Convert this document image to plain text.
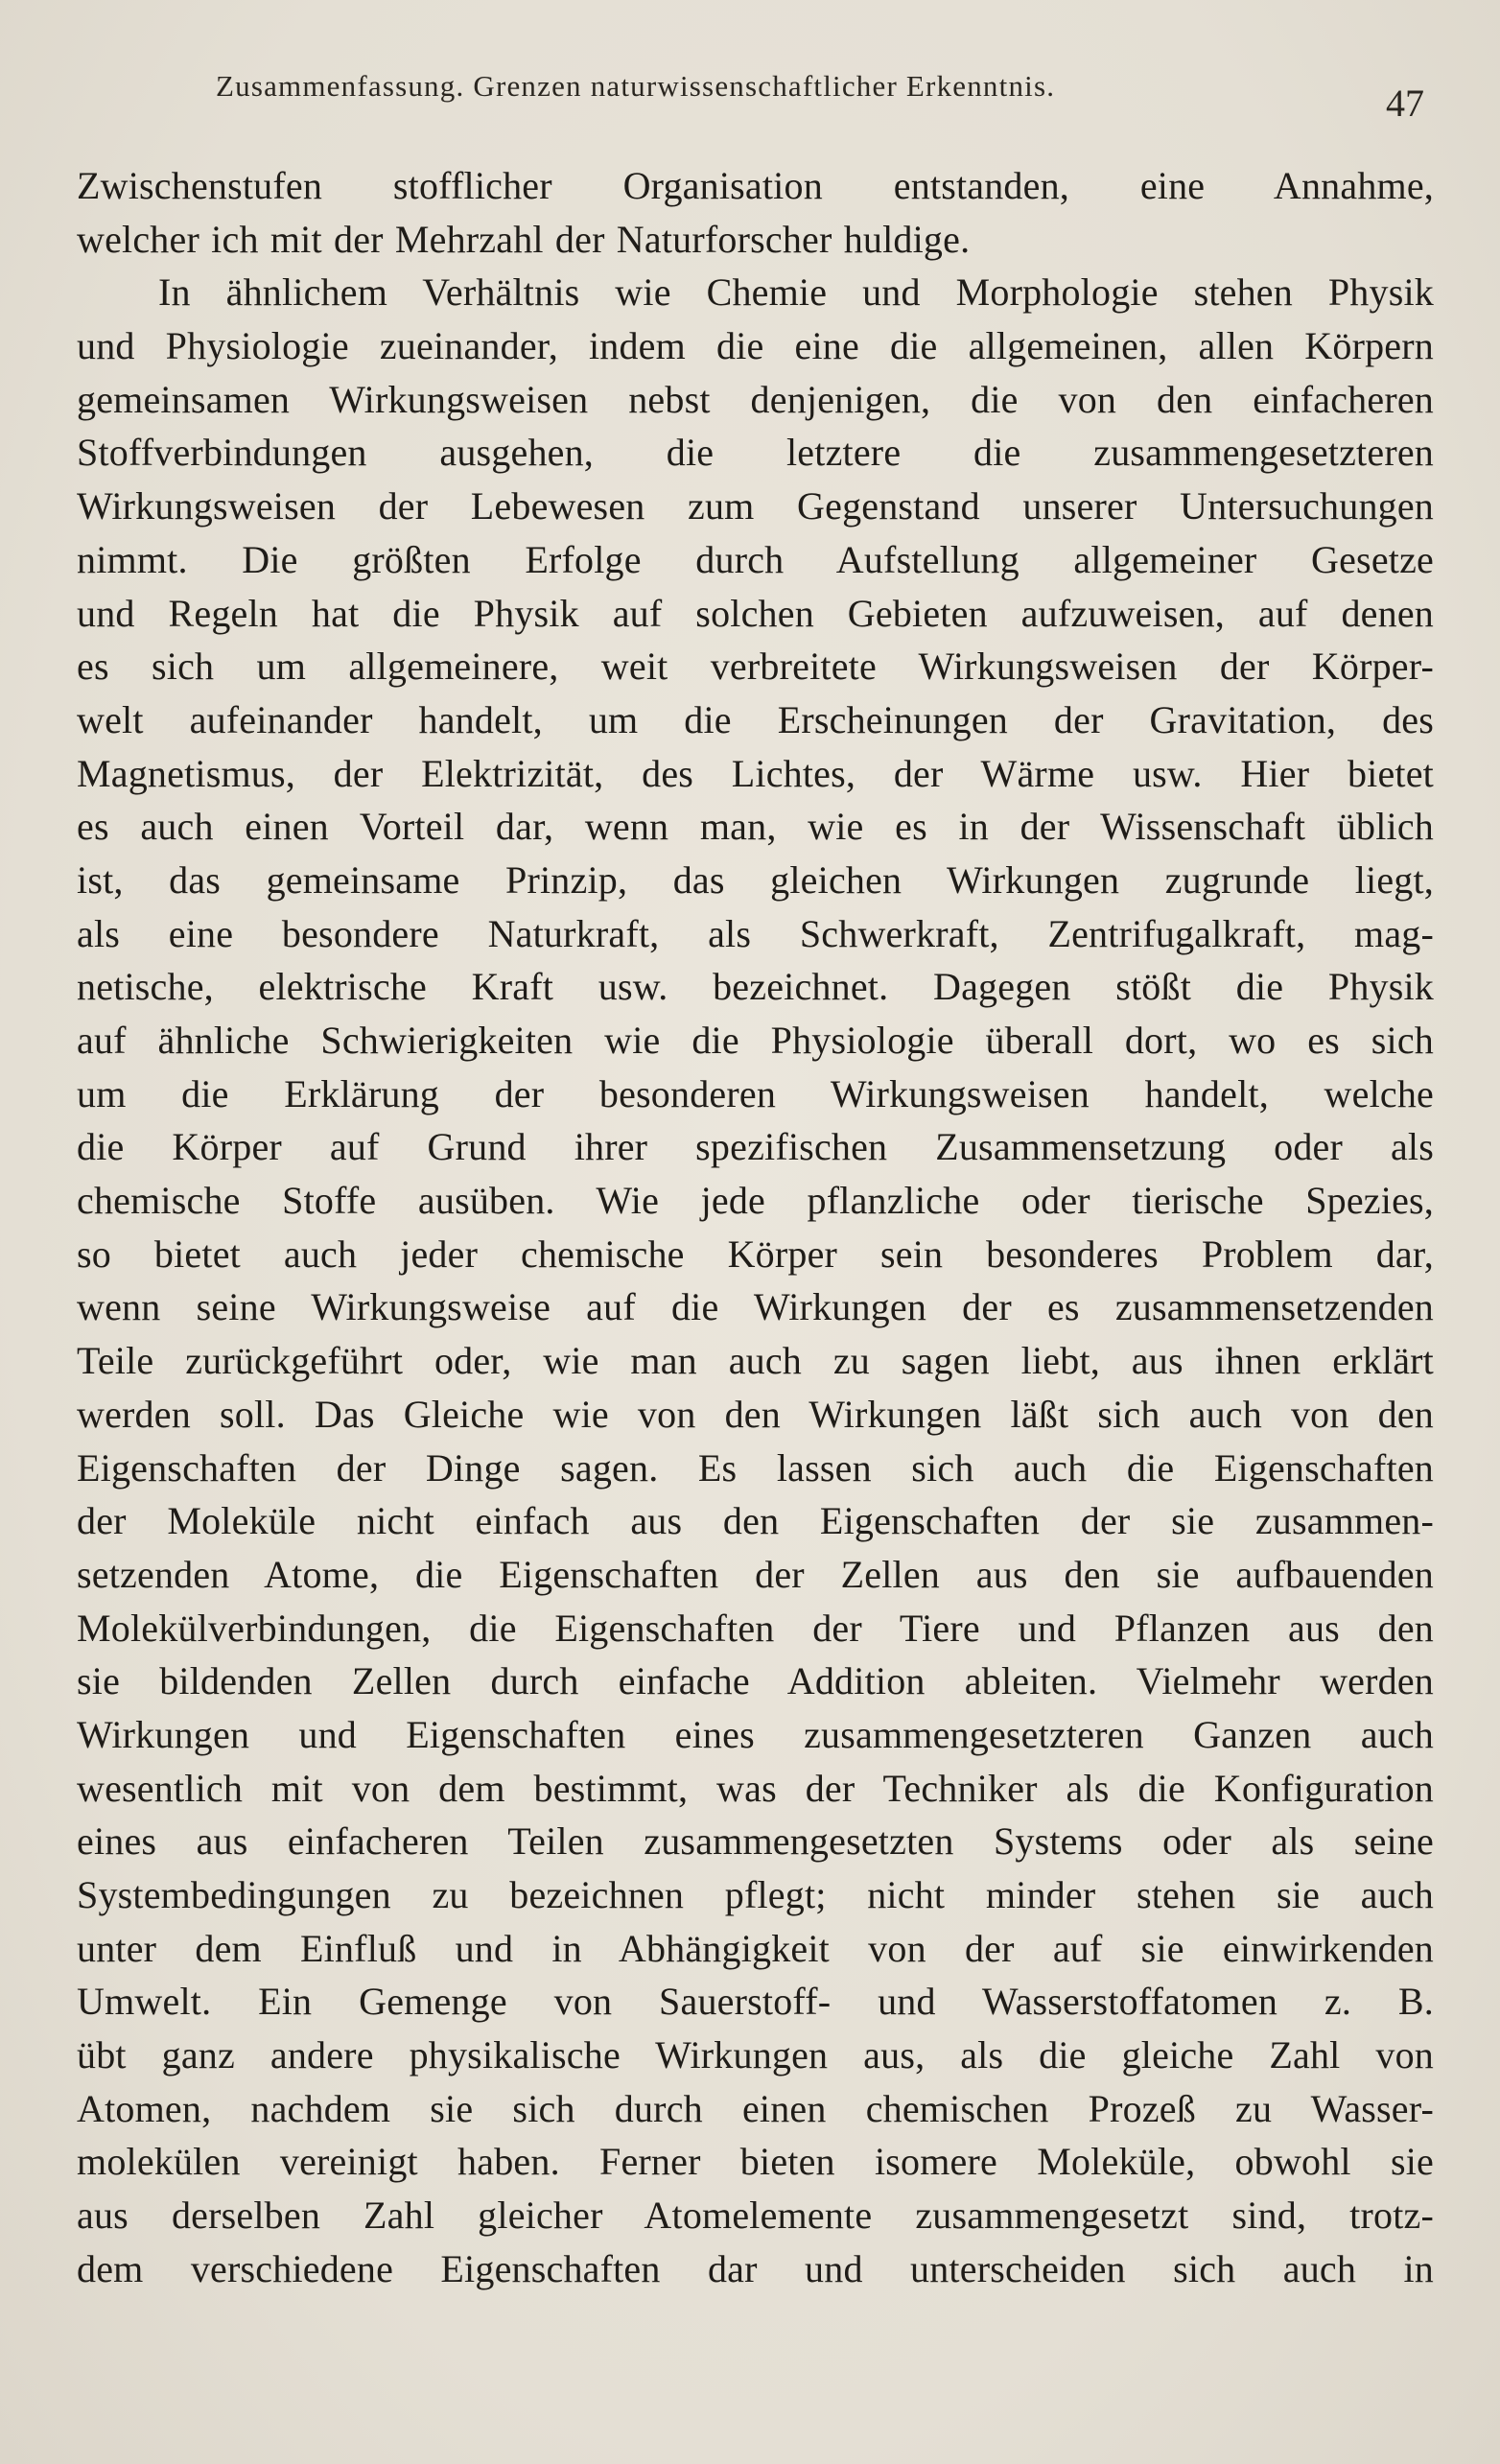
Zusammenfassung. Grenzen naturwissenschaftlicher Erkenntnis.	47
Zwischenstufen stofflicher Organisation entstanden, eine Annahme,
welcher ich mit der Mehrzahl der Naturforscher huldige.
In ähnlichem Verhältnis wie Chemie und Morphologie stehen Physik
und Physiologie zueinander, indem die eine die allgemeinen, allen Körpern
gemeinsamen Wirkungsweisen nebst denjenigen, die von den einfacheren
Stoffverbindungen ausgehen, die letztere die zusammengesetzteren
Wirkungsweisen der Lebewesen zum Gegenstand unserer Untersuchungen
nimmt. Die größten Erfolge durch Aufstellung allgemeiner Gesetze
und Regeln hat die Physik auf solchen Gebieten aufzuweisen, auf denen
es sich um allgemeinere, weit verbreitete Wirkungsweisen der Körper-
welt aufeinander handelt, um die Erscheinungen der Gravitation, des
Magnetismus, der Elektrizität, des Lichtes, der Wärme usw. Hier bietet
es auch einen Vorteil dar, wenn man, wie es in der Wissenschaft üblich
ist, das gemeinsame Prinzip, das gleichen Wirkungen zugrunde liegt,
als eine besondere Naturkraft, als Schwerkraft, Zentrifugalkraft, mag-
netische, elektrische Kraft usw. bezeichnet. Dagegen stößt die Physik
auf ähnliche Schwierigkeiten wie die Physiologie überall dort, wo es sich
um die Erklärung der besonderen Wirkungsweisen handelt, welche
die Körper auf Grund ihrer spezifischen Zusammensetzung oder als
chemische Stoffe ausüben. Wie jede pflanzliche oder tierische Spezies,
so bietet auch jeder chemische Körper sein besonderes Problem dar,
wenn seine Wirkungsweise auf die Wirkungen der es zusammensetzenden
Teile zurückgeführt oder, wie man auch zu sagen liebt, aus ihnen erklärt
werden soll. Das Gleiche wie von den Wirkungen läßt sich auch von den
Eigenschaften der Dinge sagen. Es lassen sich auch die Eigenschaften
der Moleküle nicht einfach aus den Eigenschaften der sie zusammen-
setzenden Atome, die Eigenschaften der Zellen aus den sie aufbauenden
Molekülverbindungen, die Eigenschaften der Tiere und Pflanzen aus den
sie bildenden Zellen durch einfache Addition ableiten. Vielmehr werden
Wirkungen und Eigenschaften eines zusammengesetzteren Ganzen auch
wesentlich mit von dem bestimmt, was der Techniker als die Konfiguration
eines aus einfacheren Teilen zusammengesetzten Systems oder als seine
Systembedingungen zu bezeichnen pflegt; nicht minder stehen sie auch
unter dem Einfluß und in Abhängigkeit von der auf sie einwirkenden
Umwelt. Ein Gemenge von Sauerstoff- und Wasserstoffatomen z. B.
übt ganz andere physikalische Wirkungen aus, als die gleiche Zahl von
Atomen, nachdem sie sich durch einen chemischen Prozeß zu Wasser-
molekülen vereinigt haben. Ferner bieten isomere Moleküle, obwohl sie
aus derselben Zahl gleicher Atomelemente zusammengesetzt sind, trotz-
dem verschiedene Eigenschaften dar und unterscheiden sich auch in
